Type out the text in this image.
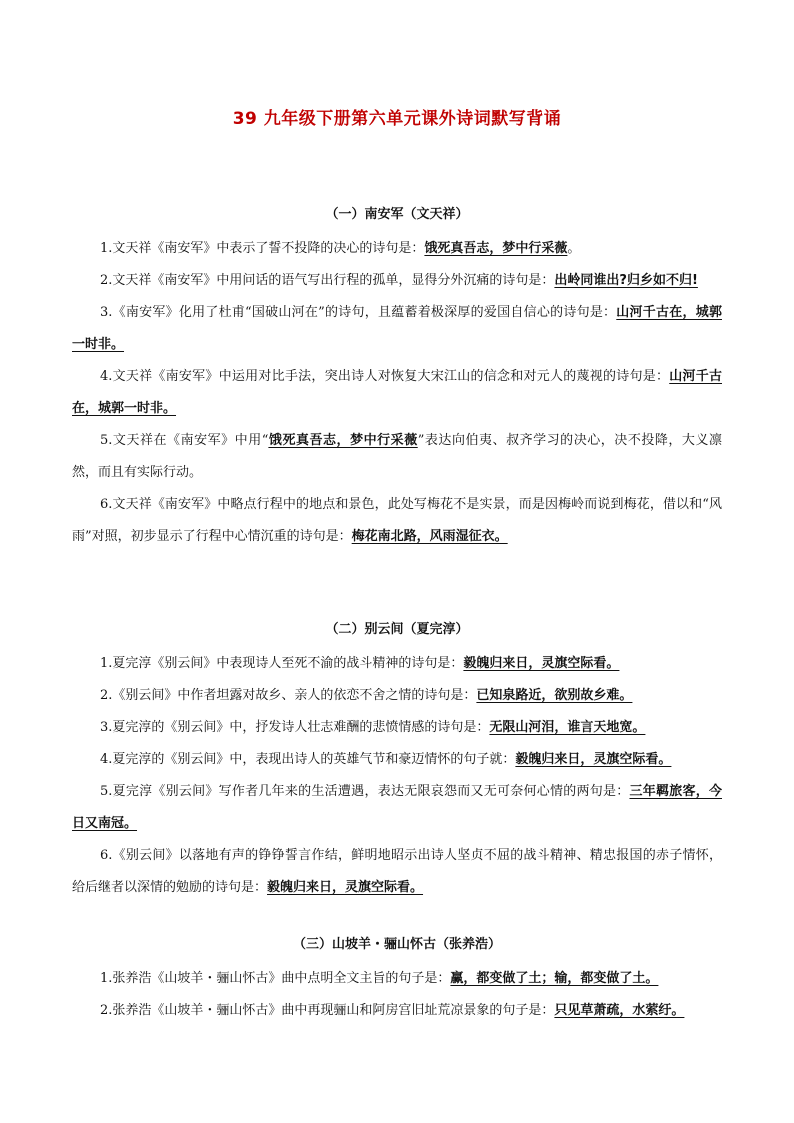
39 九年级下册第六单元课外诗词默写背诵
（一）南安军（文天祥）
1.文天祥《南安军》中表示了誓不投降的决心的诗句是：饿死真吾志，梦中行采薇。
2.文天祥《南安军》中用问话的语气写出行程的孤单，显得分外沉痛的诗句是：出岭同谁出?归乡如不归!
3.《南安军》化用了杜甫“国破山河在”的诗句，且蕴蓄着极深厚的爱国自信心的诗句是：山河千古在，城郭一时非。
4.文天祥《南安军》中运用对比手法，突出诗人对恢复大宋江山的信念和对元人的蔑视的诗句是：山河千古在，城郭一时非。
5.文天祥在《南安军》中用“饿死真吾志，梦中行采薇”表达向伯夷、叔齐学习的决心，决不投降，大义凛然，而且有实际行动。
6.文天祥《南安军》中略点行程中的地点和景色，此处写梅花不是实景，而是因梅岭而说到梅花，借以和“风雨”对照，初步显示了行程中心情沉重的诗句是：梅花南北路，风雨湿征衣。
（二）别云间（夏完淳）
1.夏完淳《别云间》中表现诗人至死不渝的战斗精神的诗句是：毅魄归来日，灵旗空际看。
2.《别云间》中作者坦露对故乡、亲人的依恋不舍之情的诗句是：已知泉路近，欲别故乡难。
3.夏完淳的《别云间》中，抒发诗人壮志难酬的悲愤情感的诗句是：无限山河泪，谁言天地宽。
4.夏完淳的《别云间》中，表现出诗人的英雄气节和豪迈情怀的句子就：毅魄归来日，灵旗空际看。
5.夏完淳《别云间》写作者几年来的生活遭遇，表达无限哀怨而又无可奈何心情的两句是：三年羁旅客，今日又南冠。
6.《别云间》以落地有声的铮铮誓言作结，鲜明地昭示出诗人坚贞不屈的战斗精神、精忠报国的赤子情怀，给后继者以深情的勉励的诗句是：毅魄归来日，灵旗空际看。
（三）山坡羊・骊山怀古（张养浩）
1.张养浩《山坡羊・骊山怀古》曲中点明全文主旨的句子是：赢，都变做了土；输，都变做了土。
2.张养浩《山坡羊・骊山怀古》曲中再现骊山和阿房宫旧址荒凉景象的句子是：只见草萧疏，水萦纡。
